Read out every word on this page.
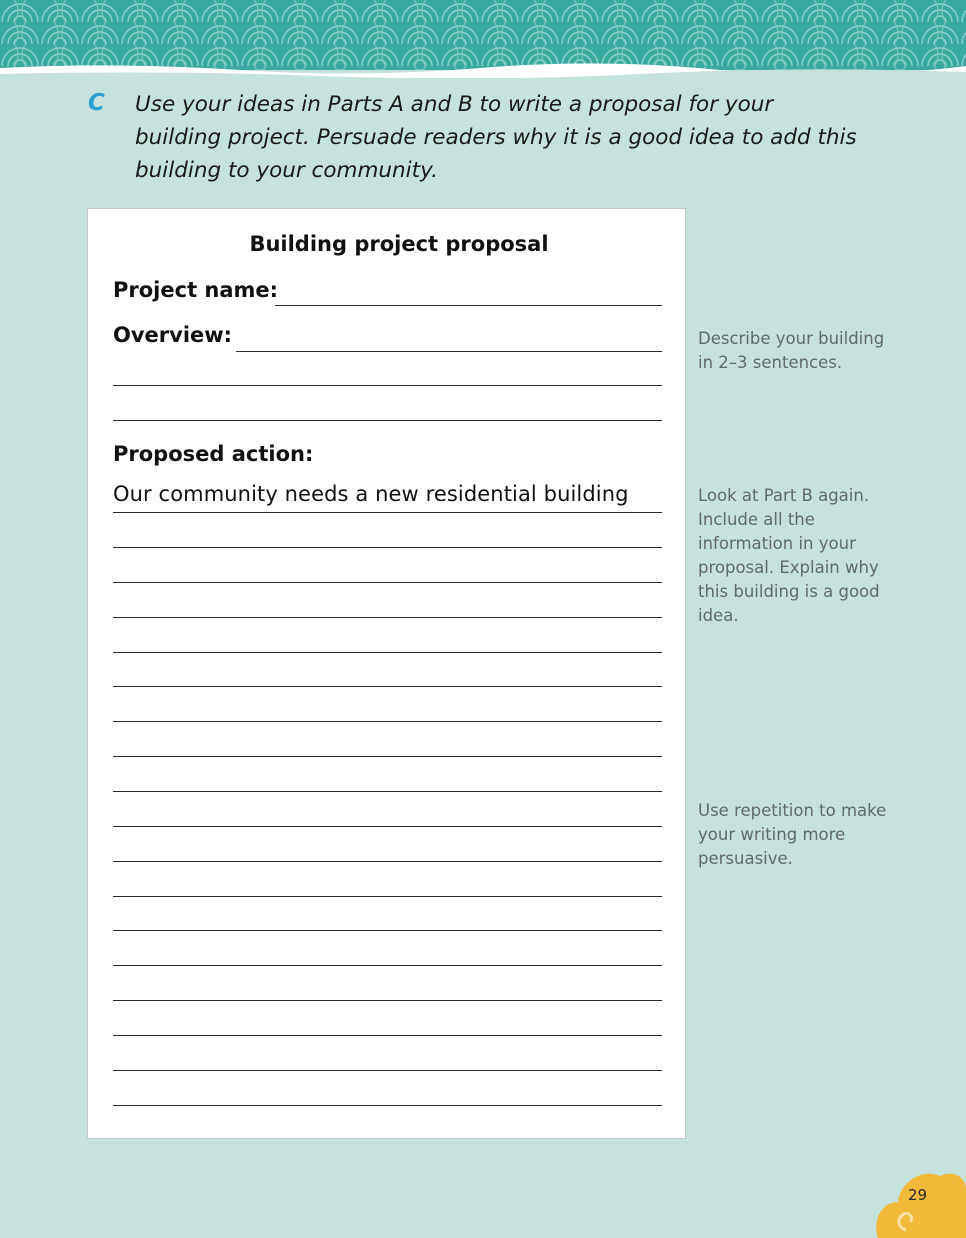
C Use your ideas in Parts A and B to write a proposal for your building project. Persuade readers why it is a good idea to add this building to your community.
Building project proposal
Project name:
Overview:
Proposed action:
Our community needs a new residential building
Describe your building in 2–3 sentences.
Look at Part B again. Include all the information in your proposal. Explain why this building is a good idea.
Use repetition to make your writing more persuasive.
29
